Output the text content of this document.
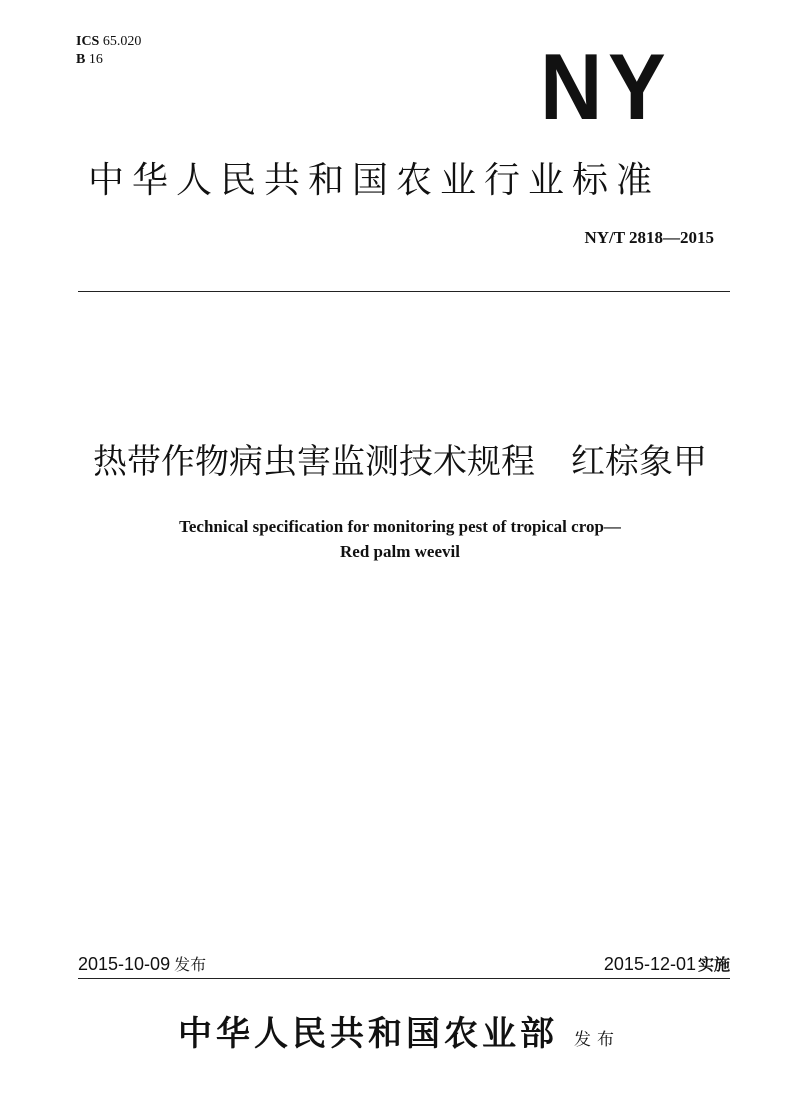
ICS 65.020
B 16	NY
中华人民共和国农业行业标准
NY/T 2818—2015
热带作物病虫害监测技术规程 红棕象甲
Technical specification for monitoring pest of tropical crop—
Red palm weevil
2015-10-09 发布	2015-12-01 实施
中华人民共和国农业部 发布
